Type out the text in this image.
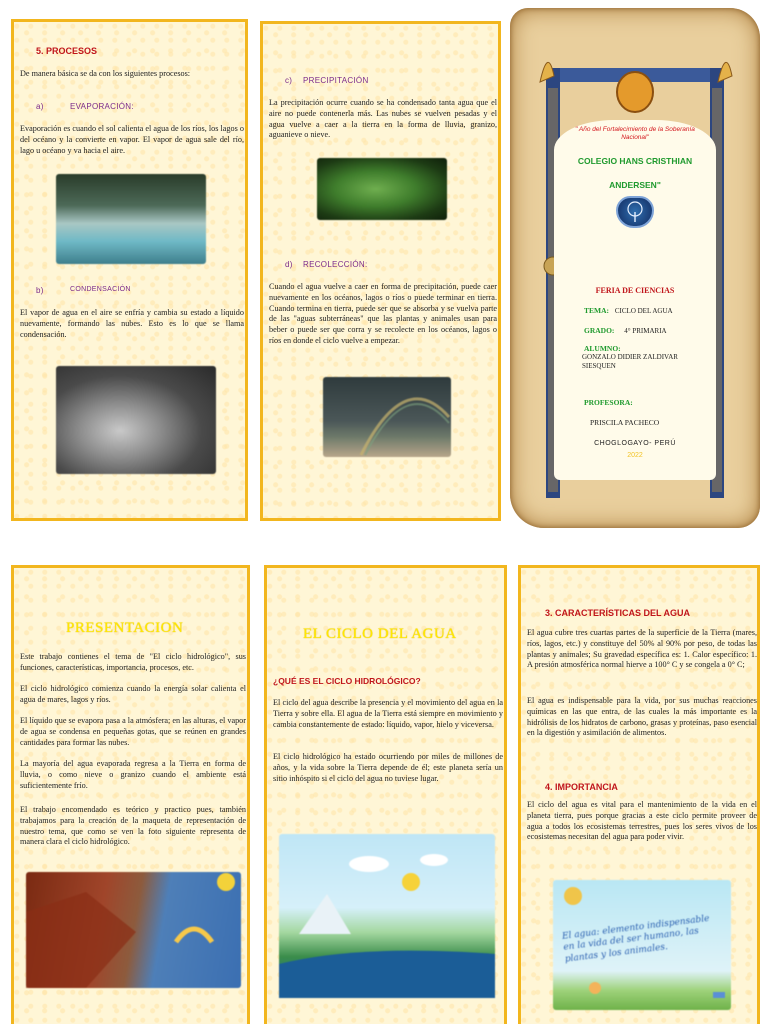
5. PROCESOS
De manera básica se da con los siguientes procesos:
a)	EVAPORACIÓN:
Evaporación es cuando el sol calienta el agua de los ríos, los lagos o del océano y la convierte en vapor. El vapor de agua sale del río, lago u océano y va hacia el aire.
b)	CONDENSACIÓN
El vapor de agua en el aire se enfría y cambia su estado a líquido nuevamente, formando las nubes. Esto es lo que se llama condensación.
c) PRECIPITACIÓN
La precipitación ocurre cuando se ha condensado tanta agua que el aire no puede contenerla más. Las nubes se vuelven pesadas y el agua vuelve a caer a la tierra en la forma de lluvia, granizo, aguanieve o nieve.
d) RECOLECCIÓN:
Cuando el agua vuelve a caer en forma de precipitación, puede caer nuevamente en los océanos, lagos o ríos o puede terminar en tierra. Cuando termina en tierra, puede ser que se absorba y se vuelva parte de las "aguas subterráneas" que las plantas y animales usan para beber o puede ser que corra y se recolecte en los océanos, lagos o ríos en donde el ciclo vuelve a empezar.
" Año del Fortalecimiento de la Soberanía Nacional"
COLEGIO HANS CRISTHIAN
ANDERSEN"
FERIA DE CIENCIAS
TEMA: CICLO DEL AGUA
GRADO: 4° PRIMARIA
ALUMNO:
GONZALO DIDIER ZALDIVAR SIESQUEN
PROFESORA:
PRISCILA PACHECO
CHOGLOGAYO- PERÚ
2022
PRESENTACION
Este trabajo contienes el tema de "El ciclo hidrológico", sus funciones, características, importancia, procesos, etc.
El ciclo hidrológico comienza cuando la energía solar calienta el agua de mares, lagos y ríos.
El líquido que se evapora pasa a la atmósfera; en las alturas, el vapor de agua se condensa en pequeñas gotas, que se reúnen en grandes cantidades para formar las nubes.
La mayoría del agua evaporada regresa a la Tierra en forma de lluvia, o como nieve o granizo cuando el ambiente está suficientemente frío.
El trabajo encomendado es teórico y practico pues, también trabajamos para la creación de la maqueta de representación de nuestro tema, que como se ven la foto siguiente representa de manera clara el ciclo hidrológico.
EL CICLO DEL AGUA
¿QUÉ ES EL CICLO HIDROLÓGICO?
El ciclo del agua describe la presencia y el movimiento del agua en la Tierra y sobre ella. El agua de la Tierra está siempre en movimiento y cambia constantemente de estado: líquido, vapor, hielo y viceversa.
El ciclo hidrológico ha estado ocurriendo por miles de millones de años, y la vida sobre la Tierra depende de él; este planeta sería un sitio inhóspito si el ciclo del agua no tuviese lugar.
3. CARACTERÍSTICAS DEL AGUA
El agua cubre tres cuartas partes de la superficie de la Tierra (mares, ríos, lagos, etc.) y constituye del 50% al 90% por peso, de todas las plantas y animales; Su gravedad específica es: 1. Calor específico: 1. A presión atmosférica normal hierve a 100° C y se congela a 0° C;
El agua es indispensable para la vida, por sus muchas reacciones químicas en las que entra, de las cuales la más importante es la hidrólisis de los hidratos de carbono, grasas y proteínas, paso esencial en la digestión y asimilación de alimentos.
4. IMPORTANCIA
El ciclo del agua es vital para el mantenimiento de la vida en el planeta tierra, pues porque gracias a este ciclo permite proveer de agua a todos los ecosistemas terrestres, pues los seres vivos de los ecosistemas necesitan del agua para poder vivir.
El agua: elemento indispensable en la vida del ser humano, las plantas y los animales.
